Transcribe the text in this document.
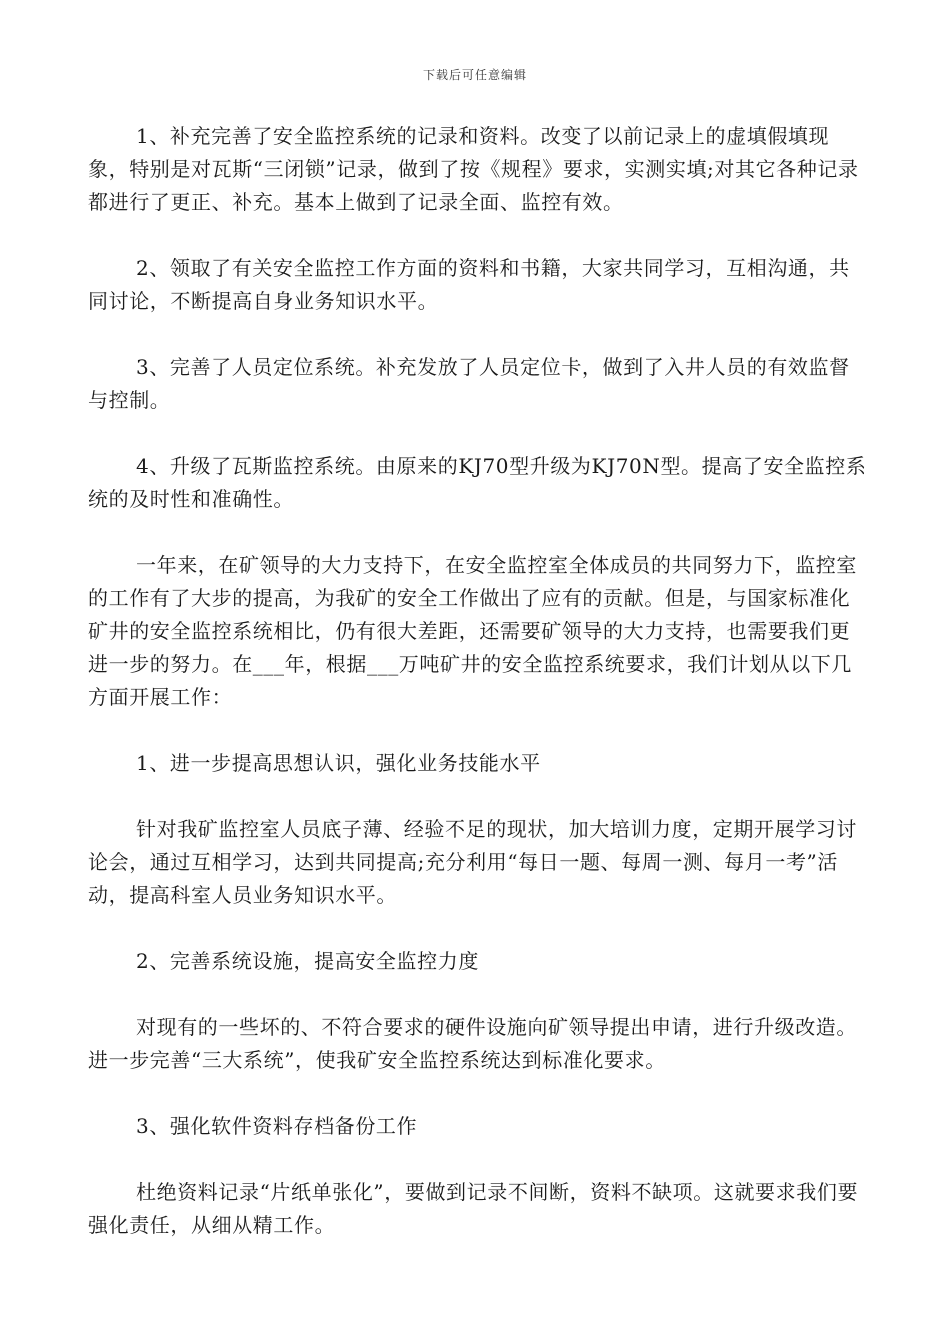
下载后可任意编辑

1、补充完善了安全监控系统的记录和资料。改变了以前记录上的虚填假填现象，特别是对瓦斯“三闭锁”记录，做到了按《规程》要求，实测实填;对其它各种记录都进行了更正、补充。基本上做到了记录全面、监控有效。

2、领取了有关安全监控工作方面的资料和书籍，大家共同学习，互相沟通，共同讨论，不断提高自身业务知识水平。

3、完善了人员定位系统。补充发放了人员定位卡，做到了入井人员的有效监督与控制。

4、升级了瓦斯监控系统。由原来的KJ70型升级为KJ70N型。提高了安全监控系统的及时性和准确性。

一年来，在矿领导的大力支持下，在安全监控室全体成员的共同努力下，监控室的工作有了大步的提高，为我矿的安全工作做出了应有的贡献。但是，与国家标准化矿井的安全监控系统相比，仍有很大差距，还需要矿领导的大力支持，也需要我们更进一步的努力。在___年，根据___万吨矿井的安全监控系统要求，我们计划从以下几方面开展工作：

1、进一步提高思想认识，强化业务技能水平

针对我矿监控室人员底子薄、经验不足的现状，加大培训力度，定期开展学习讨论会，通过互相学习，达到共同提高;充分利用“每日一题、每周一测、每月一考”活动，提高科室人员业务知识水平。

2、完善系统设施，提高安全监控力度

对现有的一些坏的、不符合要求的硬件设施向矿领导提出申请，进行升级改造。进一步完善“三大系统”，使我矿安全监控系统达到标准化要求。

3、强化软件资料存档备份工作

杜绝资料记录“片纸单张化”，要做到记录不间断，资料不缺项。这就要求我们要强化责任，从细从精工作。
